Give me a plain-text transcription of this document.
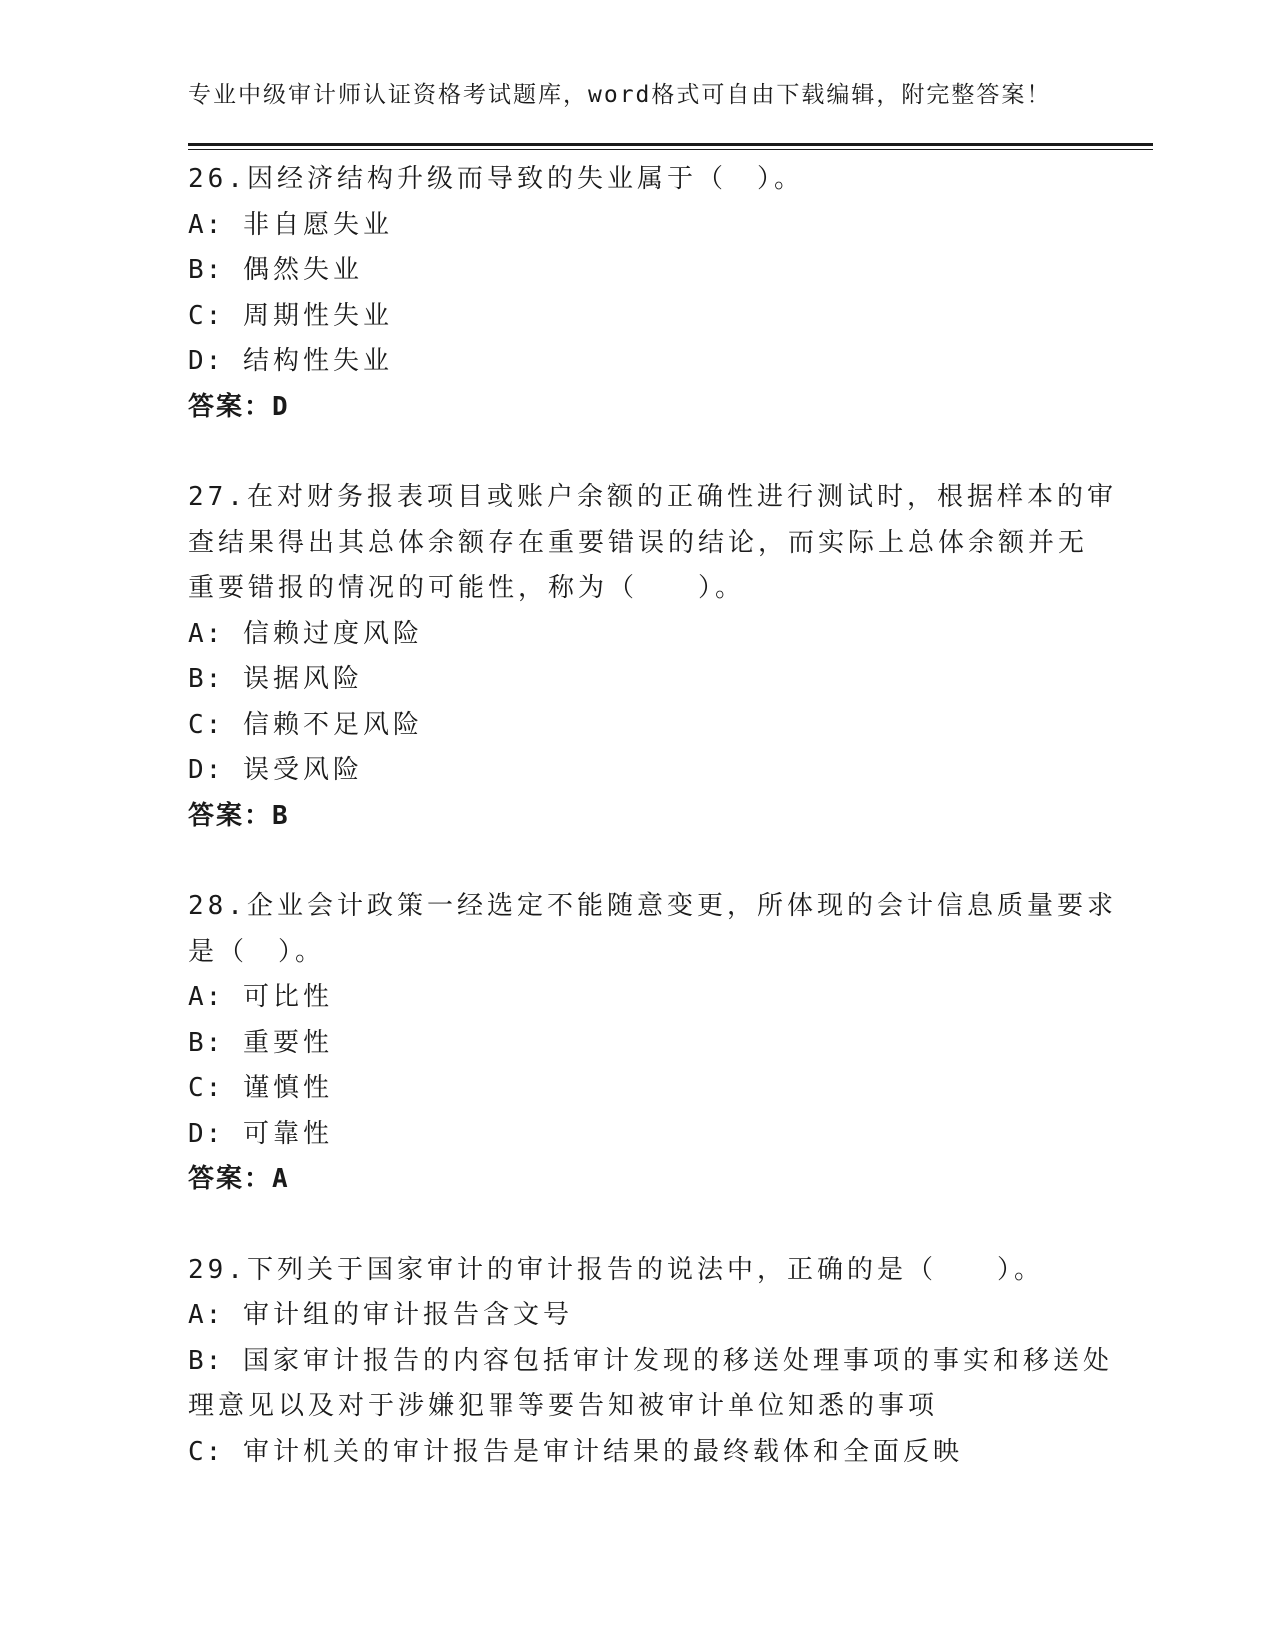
专业中级审计师认证资格考试题库，word格式可自由下载编辑，附完整答案！
26.因经济结构升级而导致的失业属于（　）。
A: 非自愿失业
B: 偶然失业
C: 周期性失业
D: 结构性失业
答案：D
27.在对财务报表项目或账户余额的正确性进行测试时，根据样本的审
查结果得出其总体余额存在重要错误的结论，而实际上总体余额并无
重要错报的情况的可能性，称为（　　）。
A: 信赖过度风险
B: 误据风险
C: 信赖不足风险
D: 误受风险
答案：B
28.企业会计政策一经选定不能随意变更，所体现的会计信息质量要求
是（　）。
A: 可比性
B: 重要性
C: 谨慎性
D: 可靠性
答案：A
29.下列关于国家审计的审计报告的说法中，正确的是（　　）。
A: 审计组的审计报告含文号
B: 国家审计报告的内容包括审计发现的移送处理事项的事实和移送处
理意见以及对于涉嫌犯罪等要告知被审计单位知悉的事项
C: 审计机关的审计报告是审计结果的最终载体和全面反映
